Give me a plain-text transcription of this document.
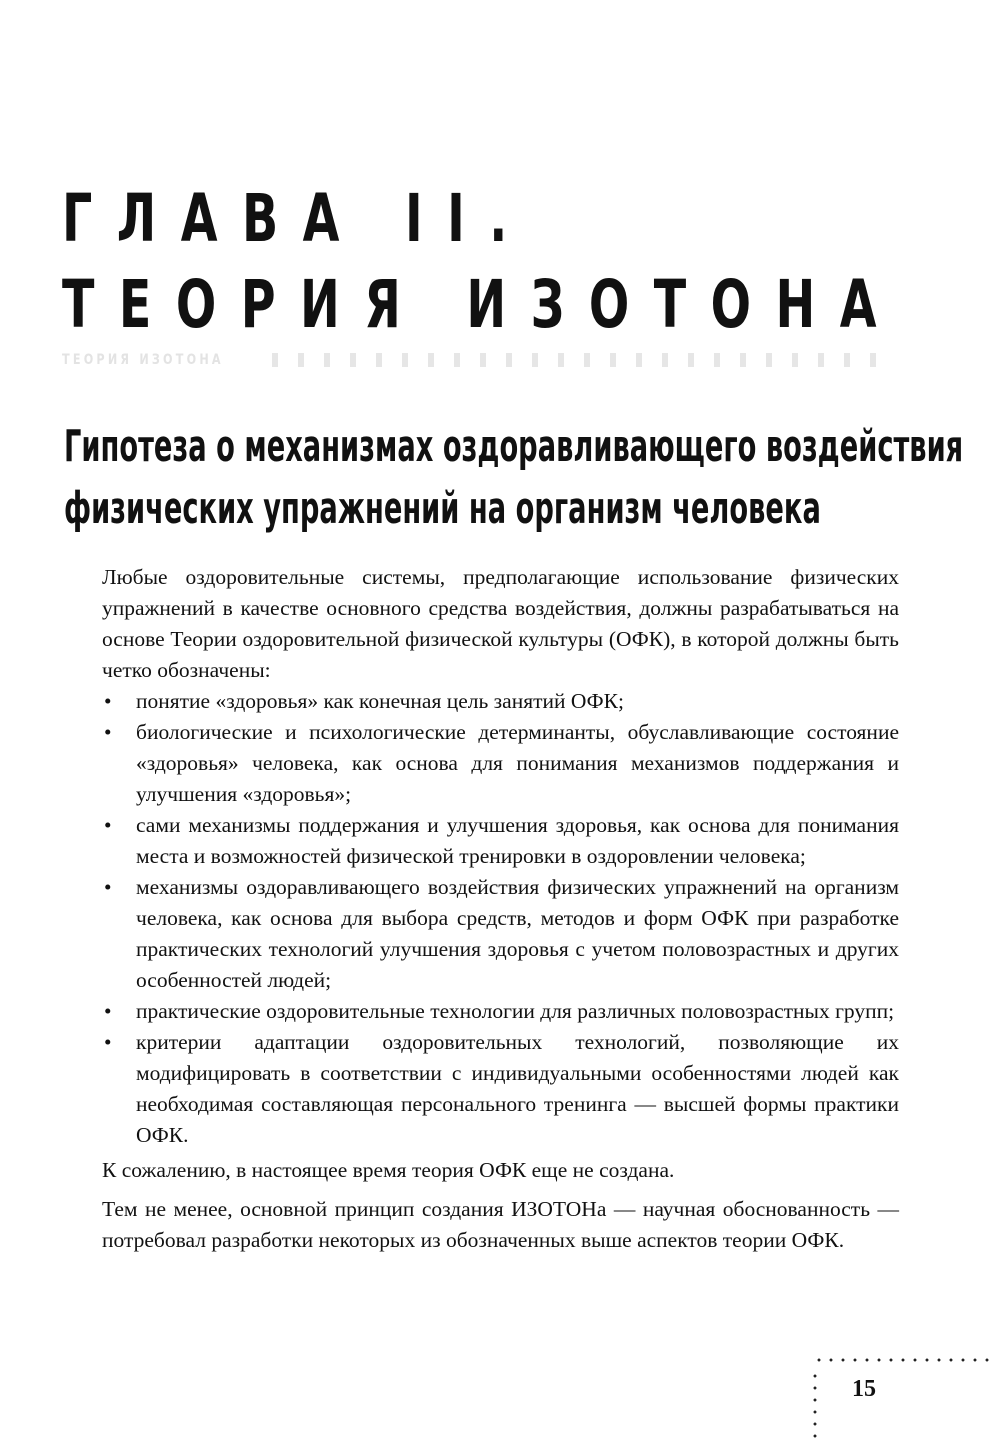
ГЛАВА II.
ТЕОРИЯ ИЗОТОНА
ТЕОРИЯ ИЗОТОНА
Гипотеза о механизмах оздоравливающего воздействия
физических упражнений на организм человека

Любые оздоровительные системы, предполагающие использование физических упражнений в качестве основного средства воздействия, должны разрабатываться на основе Теории оздоровительной физической культуры (ОФК), в которой должны быть четко обозначены:

• понятие «здоровья» как конечная цель занятий ОФК;
• биологические и психологические детерминанты, обуславливающие состояние «здоровья» человека, как основа для понимания механизмов поддержания и улучшения «здоровья»;
• сами механизмы поддержания и улучшения здоровья, как основа для понимания места и возможностей физической тренировки в оздоровлении человека;
• механизмы оздоравливающего воздействия физических упражнений на организм человека, как основа для выбора средств, методов и форм ОФК при разработке практических технологий улучшения здоровья с учетом половозрастных и других особенностей людей;
• практические оздоровительные технологии для различных половозрастных групп;
• критерии адаптации оздоровительных технологий, позволяющие их модифицировать в соответствии с индивидуальными особенностями людей как необходимая составляющая персонального тренинга — высшей формы практики ОФК.

К сожалению, в настоящее время теория ОФК еще не создана.

Тем не менее, основной принцип создания ИЗОТОНа — научная обоснованность — потребовал разработки некоторых из обозначенных выше аспектов теории ОФК.

15
